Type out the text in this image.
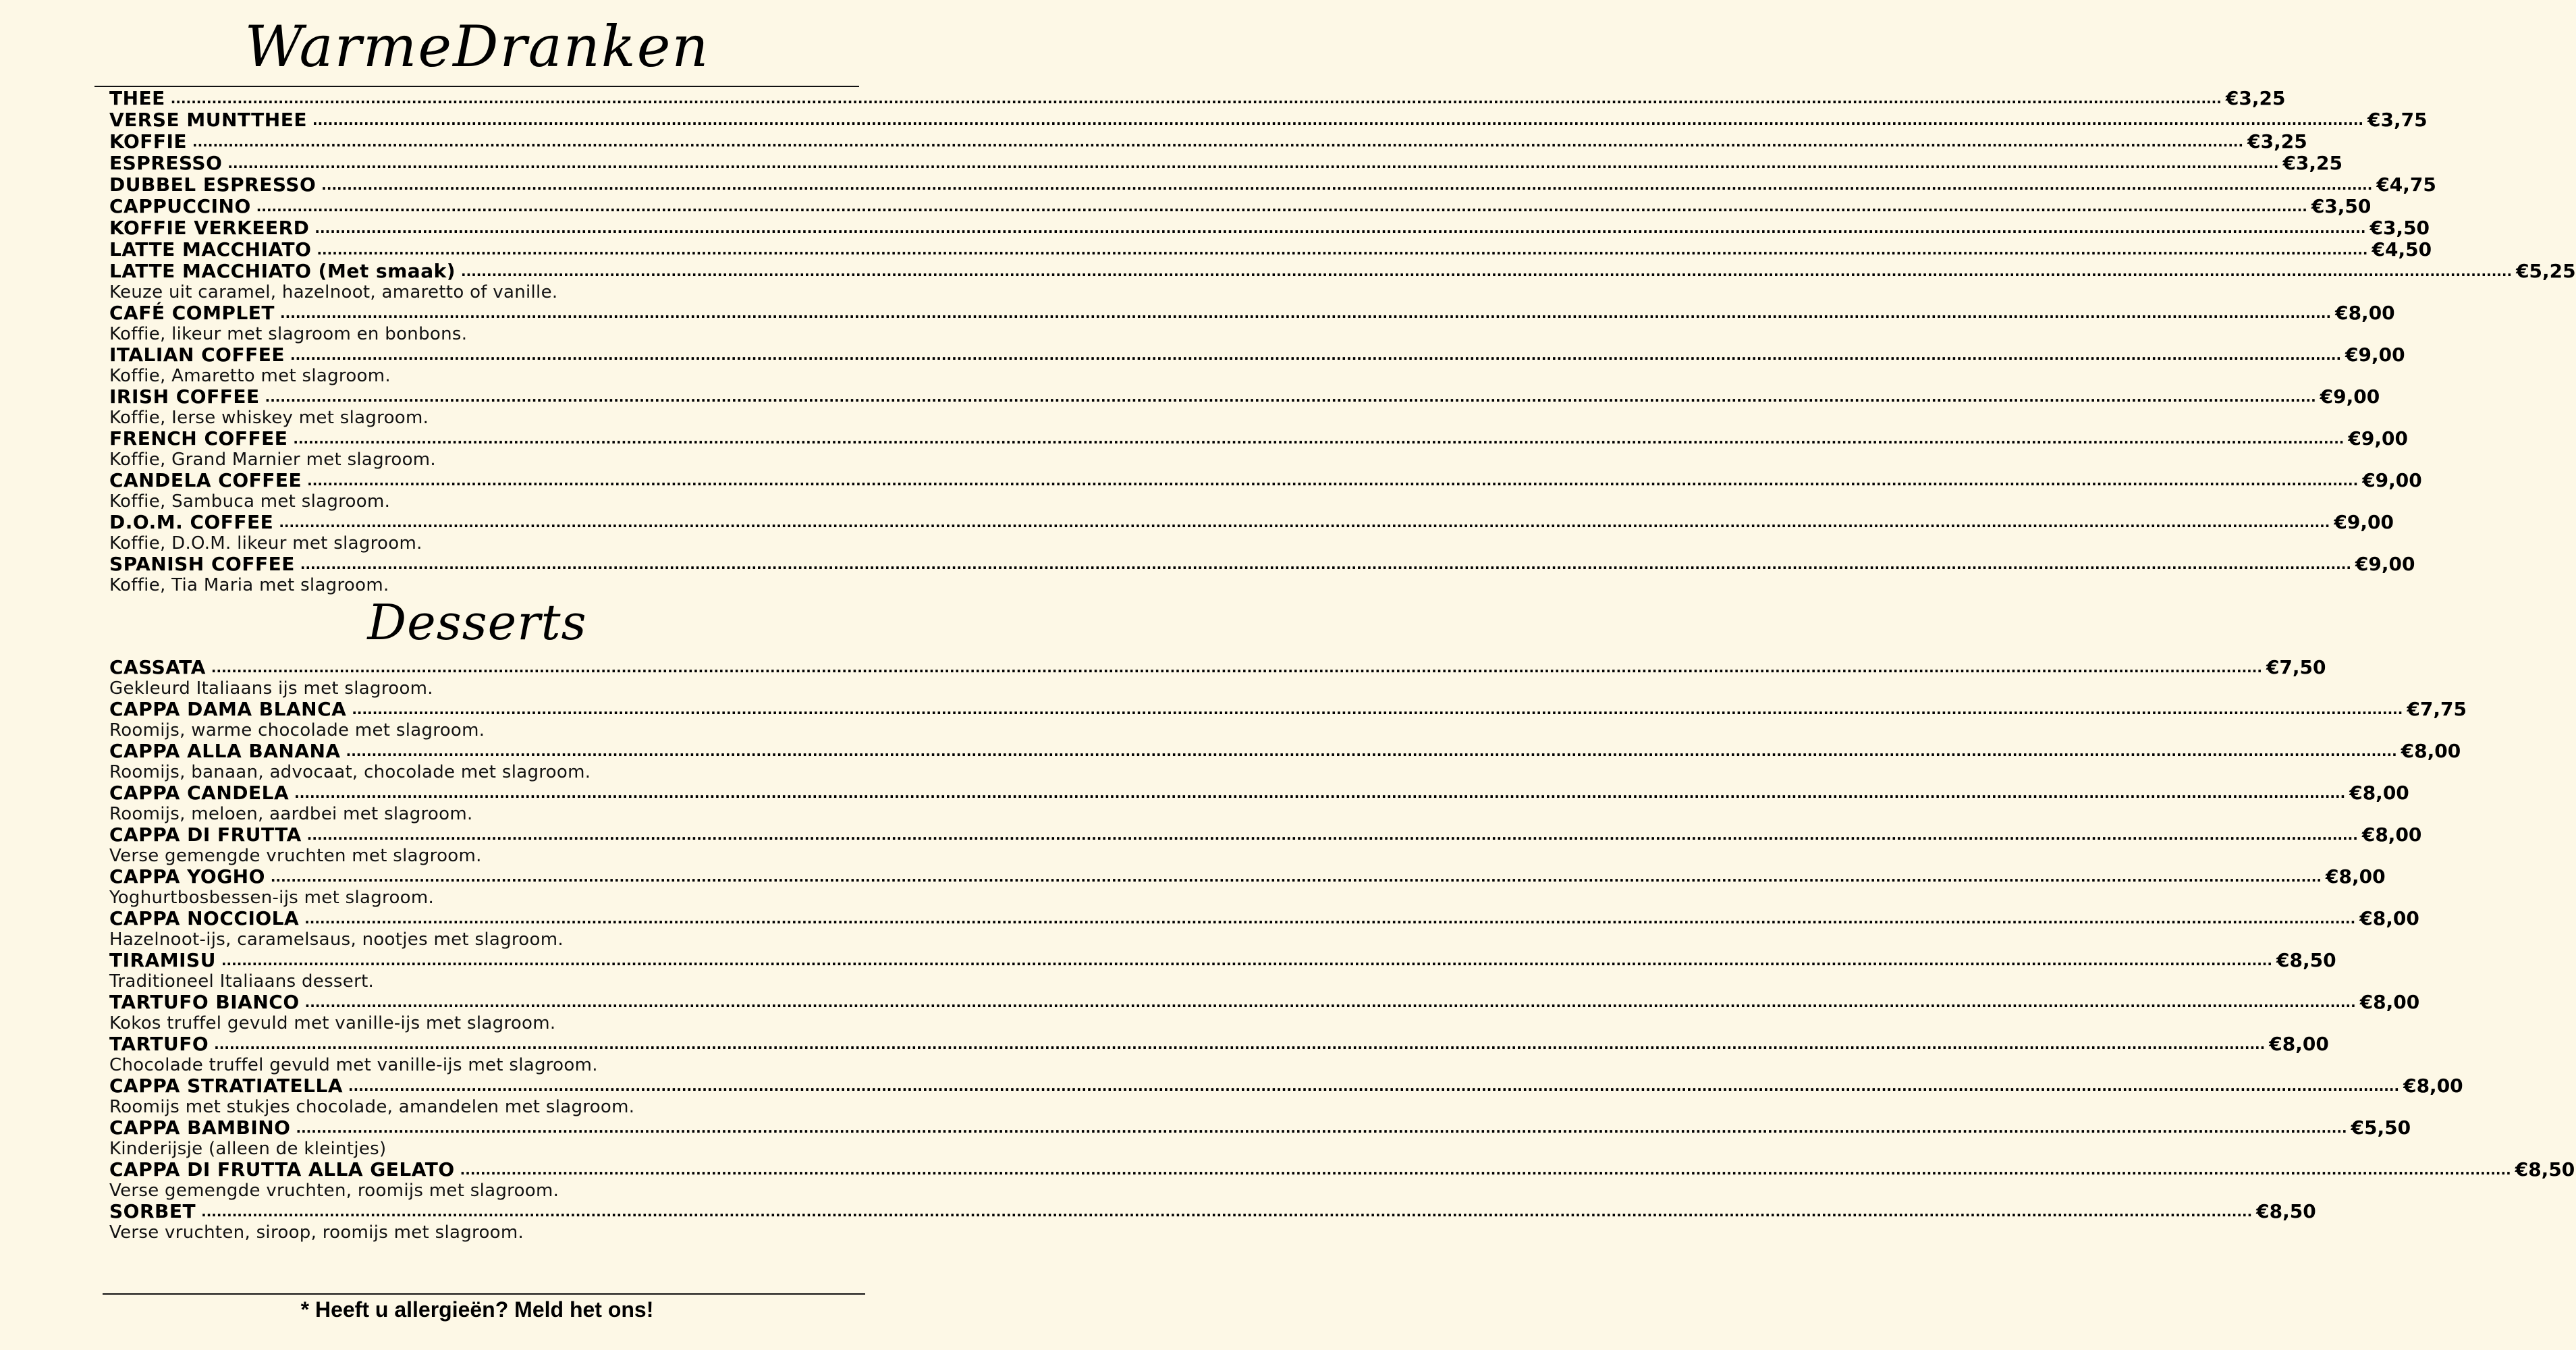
WarmeDranken
THEE ................................................................................................................................................................................................................................................................................................................................................................................................................ €3,25
VERSE MUNTTHEE ................................................................................................................................................................................................................................................................................................................................................................................................................ €3,75
KOFFIE ................................................................................................................................................................................................................................................................................................................................................................................................................ €3,25
ESPRESSO ................................................................................................................................................................................................................................................................................................................................................................................................................ €3,25
DUBBEL ESPRESSO ................................................................................................................................................................................................................................................................................................................................................................................................................ €4,75
CAPPUCCINO ................................................................................................................................................................................................................................................................................................................................................................................................................ €3,50
KOFFIE VERKEERD ................................................................................................................................................................................................................................................................................................................................................................................................................ €3,50
LATTE MACCHIATO ................................................................................................................................................................................................................................................................................................................................................................................................................ €4,50
LATTE MACCHIATO (Met smaak) ................................................................................................................................................................................................................................................................................................................................................................................................................ €5,25
Keuze uit caramel, hazelnoot, amaretto of vanille.
CAFÉ COMPLET ................................................................................................................................................................................................................................................................................................................................................................................................................ €8,00
Koffie, likeur met slagroom en bonbons.
ITALIAN COFFEE ................................................................................................................................................................................................................................................................................................................................................................................................................ €9,00
Koffie, Amaretto met slagroom.
IRISH COFFEE ................................................................................................................................................................................................................................................................................................................................................................................................................ €9,00
Koffie, Ierse whiskey met slagroom.
FRENCH COFFEE ................................................................................................................................................................................................................................................................................................................................................................................................................ €9,00
Koffie, Grand Marnier met slagroom.
CANDELA COFFEE ................................................................................................................................................................................................................................................................................................................................................................................................................ €9,00
Koffie, Sambuca met slagroom.
D.O.M. COFFEE ................................................................................................................................................................................................................................................................................................................................................................................................................ €9,00
Koffie, D.O.M. likeur met slagroom.
SPANISH COFFEE ................................................................................................................................................................................................................................................................................................................................................................................................................ €9,00
Koffie, Tia Maria met slagroom.
Desserts
CASSATA ................................................................................................................................................................................................................................................................................................................................................................................................................ €7,50
Gekleurd Italiaans ijs met slagroom.
CAPPA DAMA BLANCA ................................................................................................................................................................................................................................................................................................................................................................................................................ €7,75
Roomijs, warme chocolade met slagroom.
CAPPA ALLA BANANA ................................................................................................................................................................................................................................................................................................................................................................................................................ €8,00
Roomijs, banaan, advocaat, chocolade met slagroom.
CAPPA CANDELA ................................................................................................................................................................................................................................................................................................................................................................................................................ €8,00
Roomijs, meloen, aardbei met slagroom.
CAPPA DI FRUTTA ................................................................................................................................................................................................................................................................................................................................................................................................................ €8,00
Verse gemengde vruchten met slagroom.
CAPPA YOGHO ................................................................................................................................................................................................................................................................................................................................................................................................................ €8,00
Yoghurtbosbessen-ijs met slagroom.
CAPPA NOCCIOLA ................................................................................................................................................................................................................................................................................................................................................................................................................ €8,00
Hazelnoot-ijs, caramelsaus, nootjes met slagroom.
TIRAMISU ................................................................................................................................................................................................................................................................................................................................................................................................................ €8,50
Traditioneel Italiaans dessert.
TARTUFO BIANCO ................................................................................................................................................................................................................................................................................................................................................................................................................ €8,00
Kokos truffel gevuld met vanille-ijs met slagroom.
TARTUFO ................................................................................................................................................................................................................................................................................................................................................................................................................ €8,00
Chocolade truffel gevuld met vanille-ijs met slagroom.
CAPPA STRATIATELLA ................................................................................................................................................................................................................................................................................................................................................................................................................ €8,00
Roomijs met stukjes chocolade, amandelen met slagroom.
CAPPA BAMBINO ................................................................................................................................................................................................................................................................................................................................................................................................................ €5,50
Kinderijsje (alleen de kleintjes)
CAPPA DI FRUTTA ALLA GELATO ................................................................................................................................................................................................................................................................................................................................................................................................................ €8,50
Verse gemengde vruchten, roomijs met slagroom.
SORBET ................................................................................................................................................................................................................................................................................................................................................................................................................ €8,50
Verse vruchten, siroop, roomijs met slagroom.
* Heeft u allergieën? Meld het ons!
